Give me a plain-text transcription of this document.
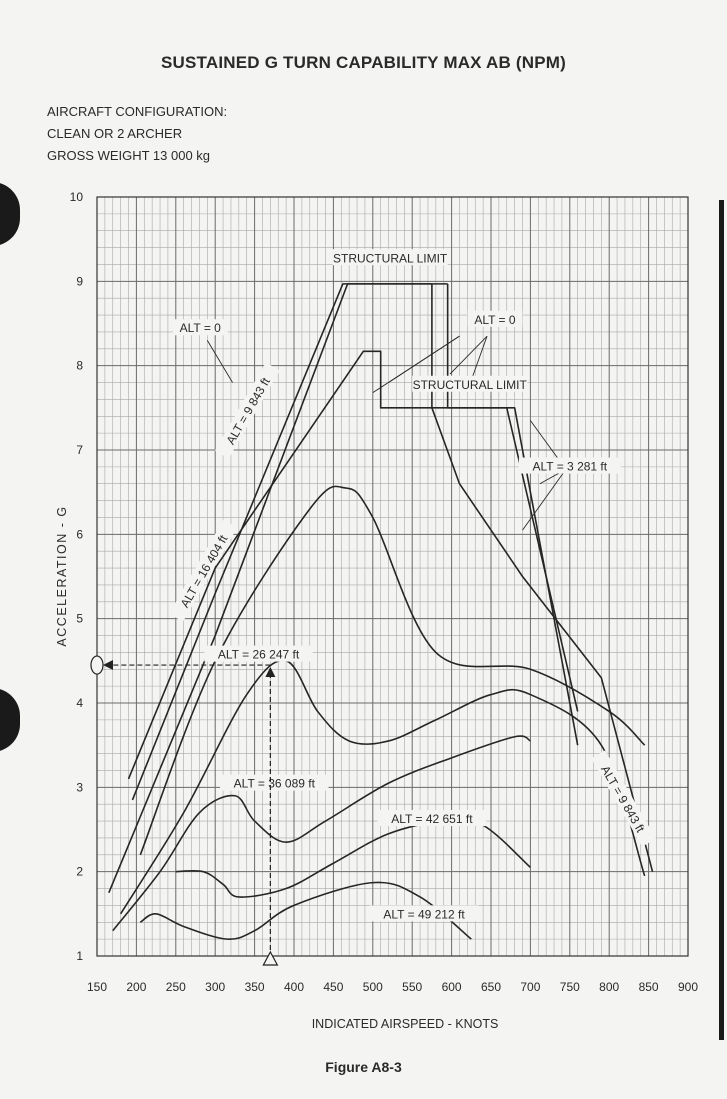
SUSTAINED G TURN CAPABILITY MAX AB (NPM)
AIRCRAFT CONFIGURATION:
CLEAN OR 2 ARCHER
GROSS WEIGHT 13 000 kg
150 200 250 300 350 400 450 500 550 600 650 700 750 800 850 900
1
2
3
4
5
6
7
8
9
10
STRUCTURAL LIMIT
ALT = 0
ALT = 0
STRUCTURAL LIMIT
ALT = 9 843 ft
ALT = 3 281 ft
ALT = 16 404 ft
ALT = 26 247 ft
ALT = 36 089 ft
ALT = 42 651 ft
ALT = 49 212 ft
ALT = 9 843 ft
INDICATED AIRSPEED - KNOTS
ACCELERATION - G
Figure A8-3
